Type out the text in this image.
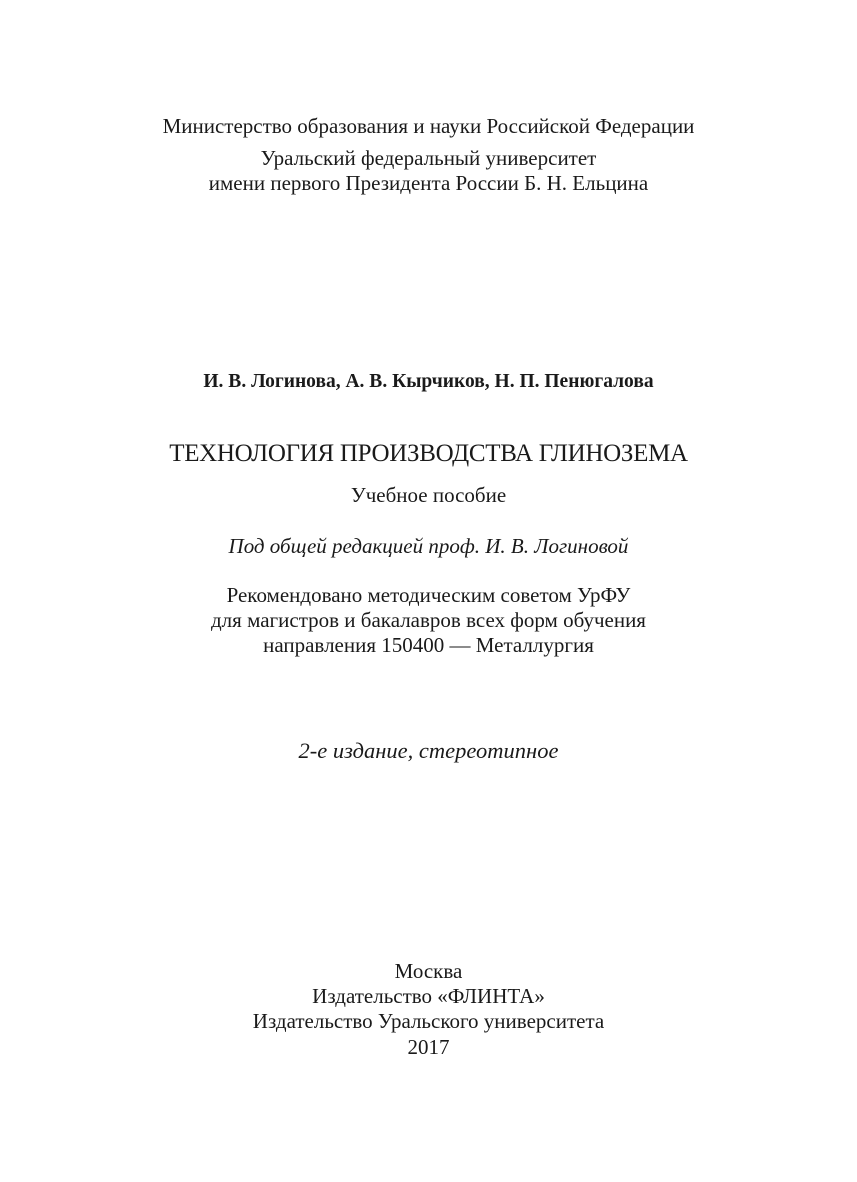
Министерство образования и науки Российской Федерации
Уральский федеральный университет
имени первого Президента России Б. Н. Ельцина
И. В. Логинова, А. В. Кырчиков, Н. П. Пенюгалова
ТЕХНОЛОГИЯ ПРОИЗВОДСТВА ГЛИНОЗЕМА
Учебное пособие
Под общей редакцией проф. И. В. Логиновой
Рекомендовано методическим советом УрФУ
для магистров и бакалавров всех форм обучения
направления 150400 — Металлургия
2-е издание, стереотипное
Москва
Издательство «ФЛИНТА»
Издательство Уральского университета
2017
